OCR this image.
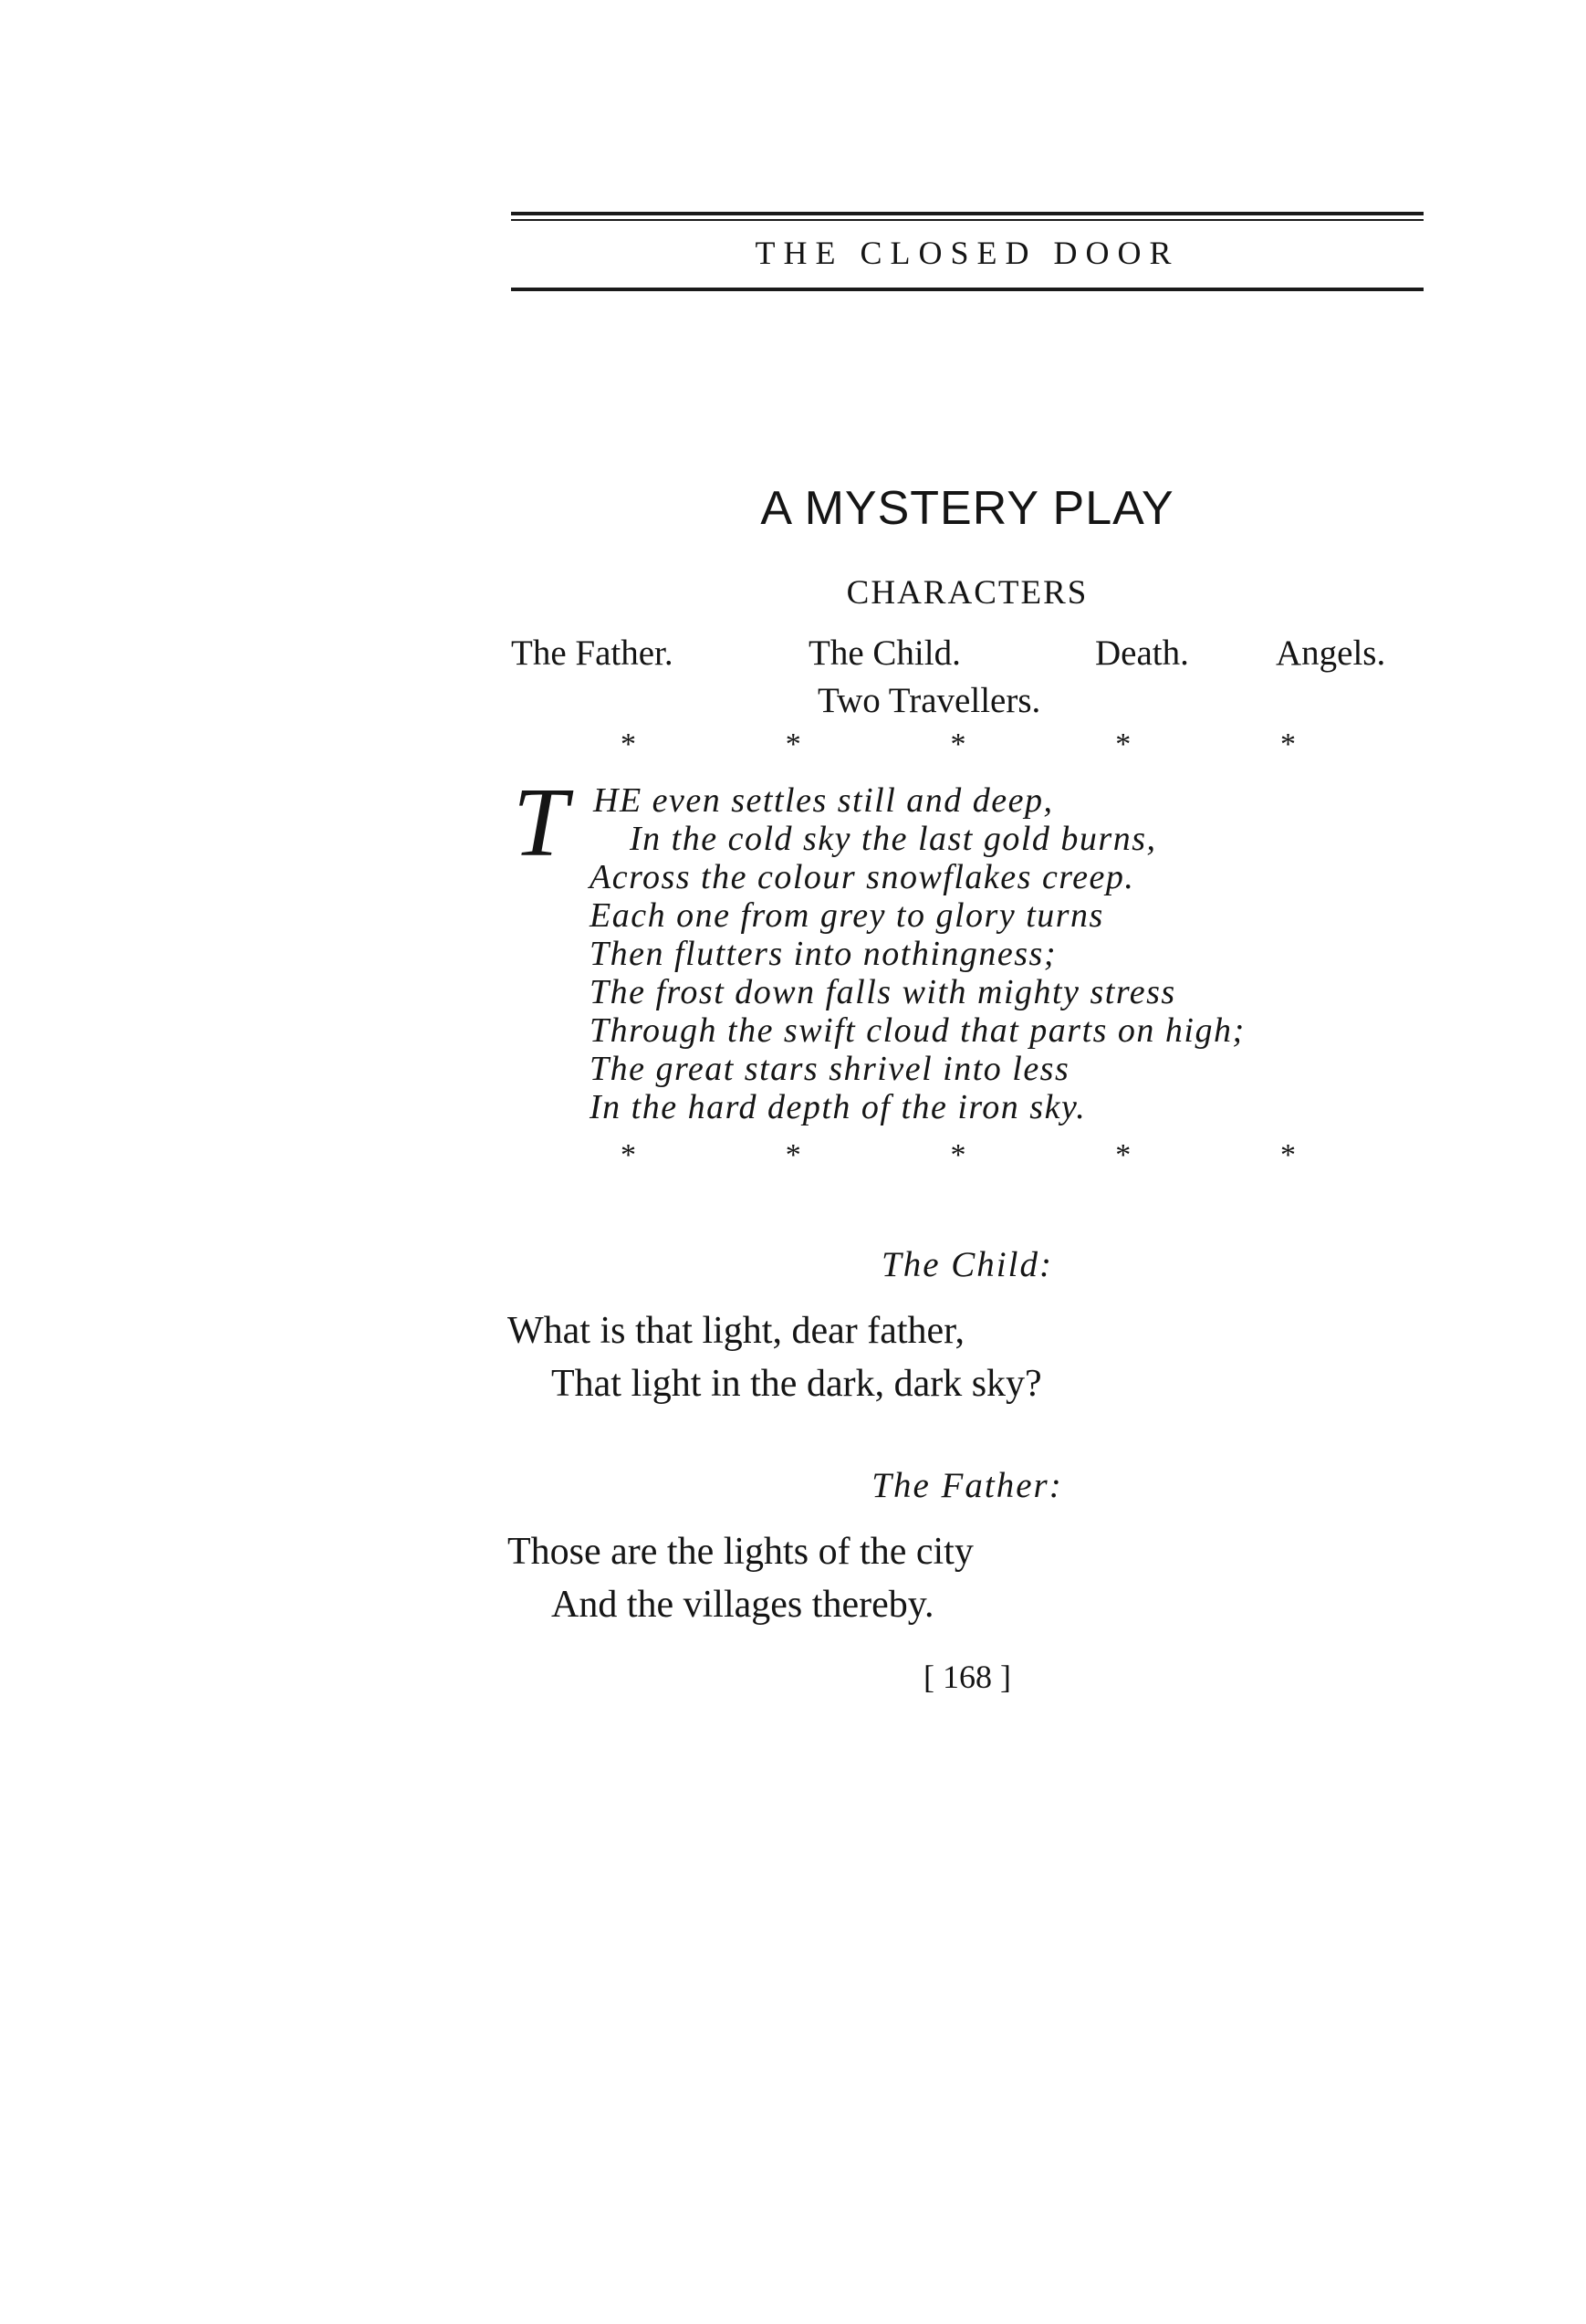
THE CLOSED DOOR
A MYSTERY PLAY
CHARACTERS
The Father.	The Child.	Death. Angels.
Two Travellers.
*	*	*	*	*
T HE even settles still and deep,
In the cold sky the last gold burns,
Across the colour snowflakes creep.
Each one from grey to glory turns
Then flutters into nothingness;
The frost down falls with mighty stress
Through the swift cloud that parts on high;
The great stars shrivel into less
In the hard depth of the iron sky.
*	*	*	*	*
The Child:
What is that light, dear father,
That light in the dark, dark sky?
The Father:
Those are the lights of the city
And the villages thereby.
[ 168 ]
